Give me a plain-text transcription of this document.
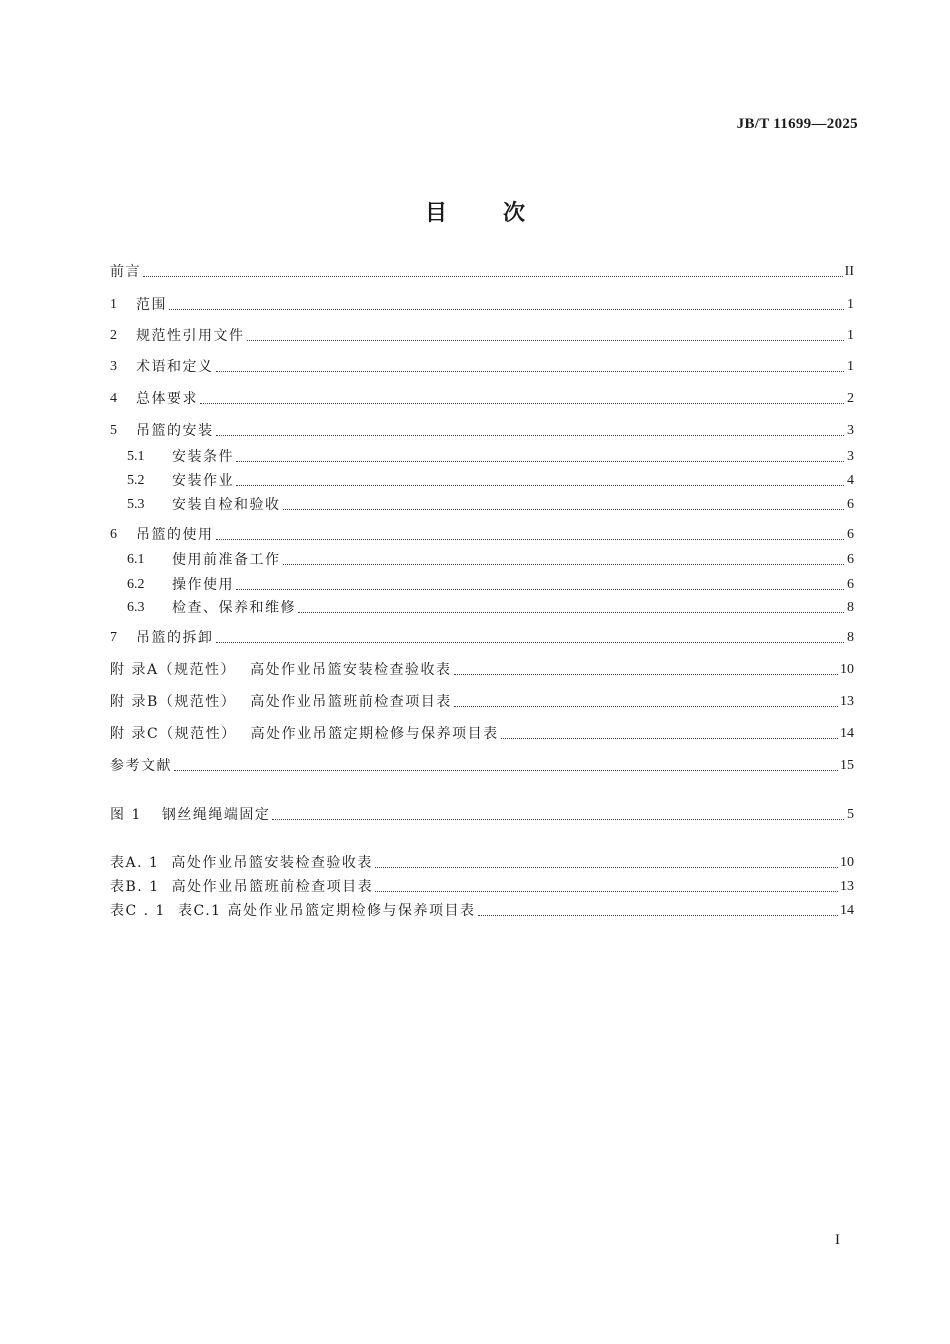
JB/T 11699—2025
目	次
前言	II
1	范围	1
2	规范性引用文件	1
3	术语和定义	1
4	总体要求	2
5	吊篮的安装	3
5.1	安装条件	3
5.2	安装作业	4
5.3	安装自检和验收	6
6	吊篮的使用	6
6.1	使用前准备工作	6
6.2	操作使用	6
6.3	检查、保养和维修	8
7	吊篮的拆卸	8
附 录A（规范性） 高处作业吊篮安装检查验收表	10
附 录B（规范性） 高处作业吊篮班前检查项目表	13
附 录C（规范性） 高处作业吊篮定期检修与保养项目表	14
参考文献	15
图 1 钢丝绳绳端固定	5
表A. 1 高处作业吊篮安装检查验收表	10
表B. 1 高处作业吊篮班前检查项目表	13
表C . 1 表C.1 高处作业吊篮定期检修与保养项目表	14
I
